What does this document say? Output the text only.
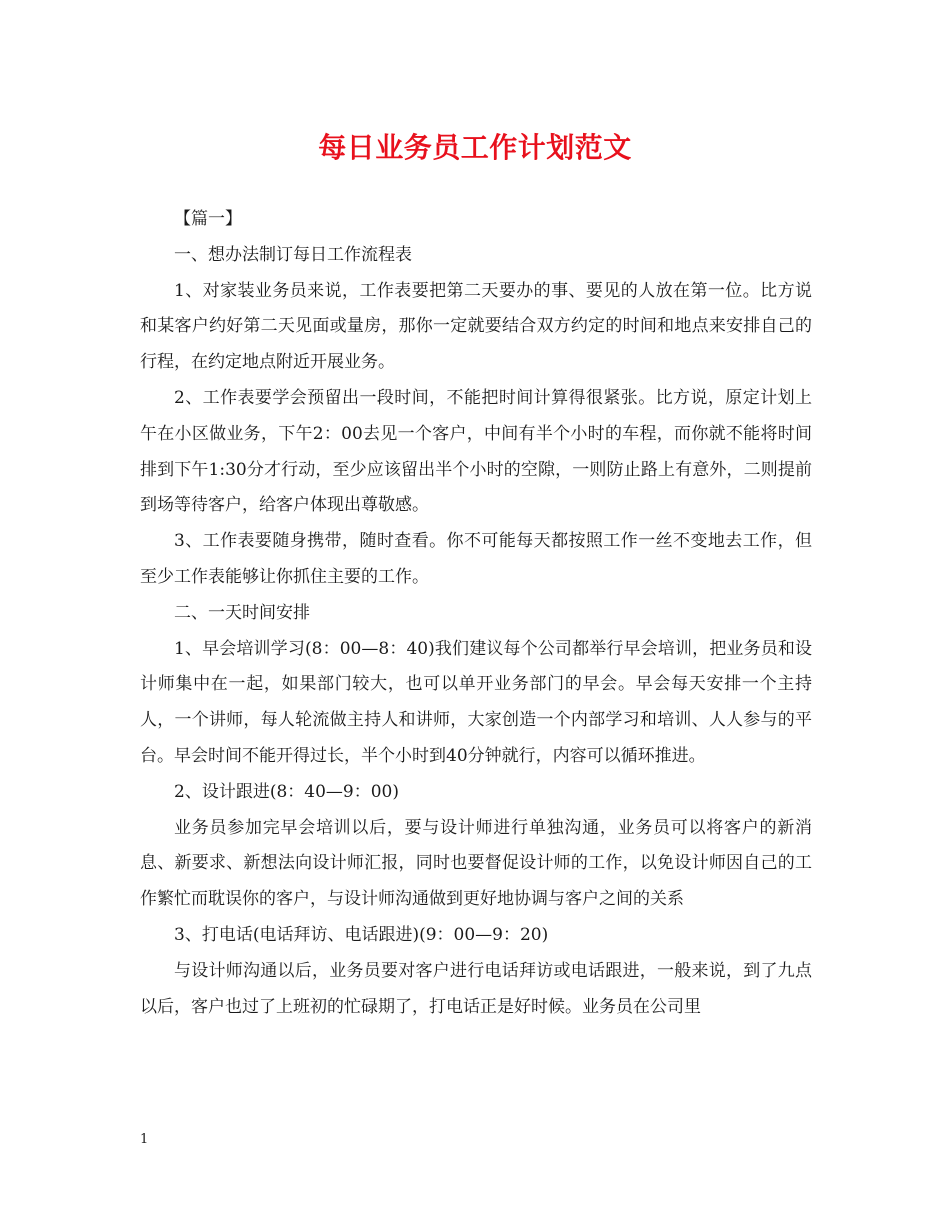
每日业务员工作计划范文

【篇一】

一、想办法制订每日工作流程表

1、对家装业务员来说，工作表要把第二天要办的事、要见的人放在第一位。比方说和某客户约好第二天见面或量房，那你一定就要结合双方约定的时间和地点来安排自己的行程，在约定地点附近开展业务。

2、工作表要学会预留出一段时间，不能把时间计算得很紧张。比方说，原定计划上午在小区做业务，下午2：00去见一个客户，中间有半个小时的车程，而你就不能将时间排到下午1:30分才行动，至少应该留出半个小时的空隙，一则防止路上有意外，二则提前到场等待客户，给客户体现出尊敬感。

3、工作表要随身携带，随时查看。你不可能每天都按照工作一丝不变地去工作，但至少工作表能够让你抓住主要的工作。

二、一天时间安排

1、早会培训学习(8：00—8：40)我们建议每个公司都举行早会培训，把业务员和设计师集中在一起，如果部门较大，也可以单开业务部门的早会。早会每天安排一个主持人，一个讲师，每人轮流做主持人和讲师，大家创造一个内部学习和培训、人人参与的平台。早会时间不能开得过长，半个小时到40分钟就行，内容可以循环推进。

2、设计跟进(8：40—9：00)

业务员参加完早会培训以后，要与设计师进行单独沟通，业务员可以将客户的新消息、新要求、新想法向设计师汇报，同时也要督促设计师的工作，以免设计师因自己的工作繁忙而耽误你的客户，与设计师沟通做到更好地协调与客户之间的关系

3、打电话(电话拜访、电话跟进)(9：00—9：20)

与设计师沟通以后，业务员要对客户进行电话拜访或电话跟进，一般来说，到了九点以后，客户也过了上班初的忙碌期了，打电话正是好时候。业务员在公司里

1
